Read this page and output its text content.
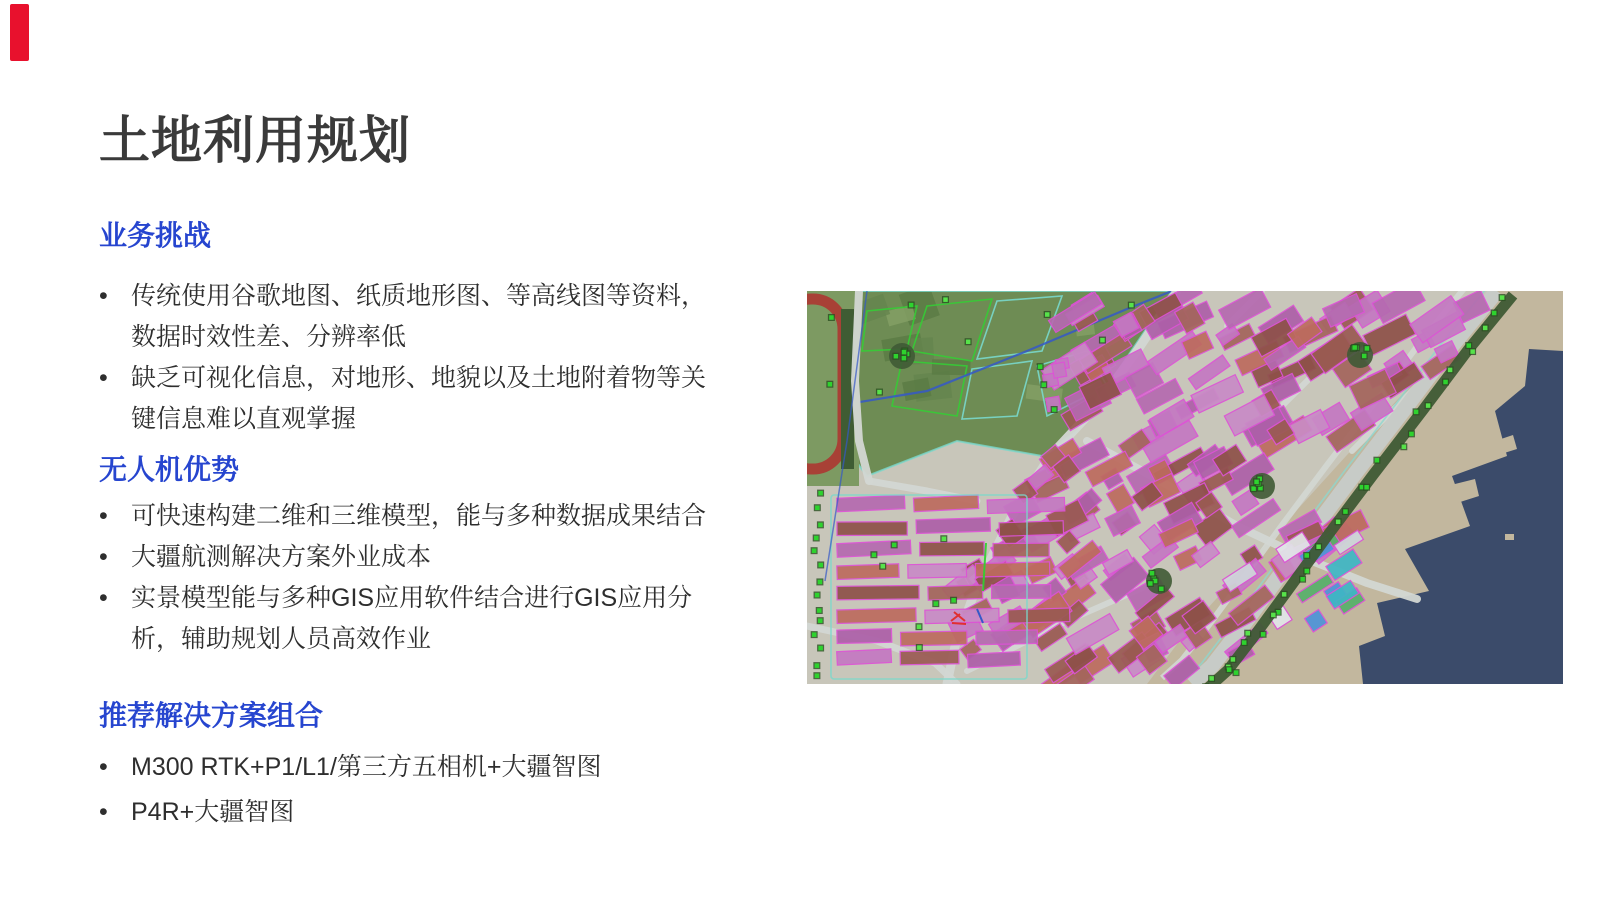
土地利用规划
业务挑战
• 传统使用谷歌地图、纸质地形图、等高线图等资料，数据时效性差、分辨率低
• 缺乏可视化信息，对地形、地貌以及土地附着物等关键信息难以直观掌握
无人机优势
• 可快速构建二维和三维模型，能与多种数据成果结合
• 大疆航测解决方案外业成本
• 实景模型能与多种GIS应用软件结合进行GIS应用分析，辅助规划人员高效作业
推荐解决方案组合
• M300 RTK+P1/L1/第三方五相机+大疆智图
• P4R+大疆智图
